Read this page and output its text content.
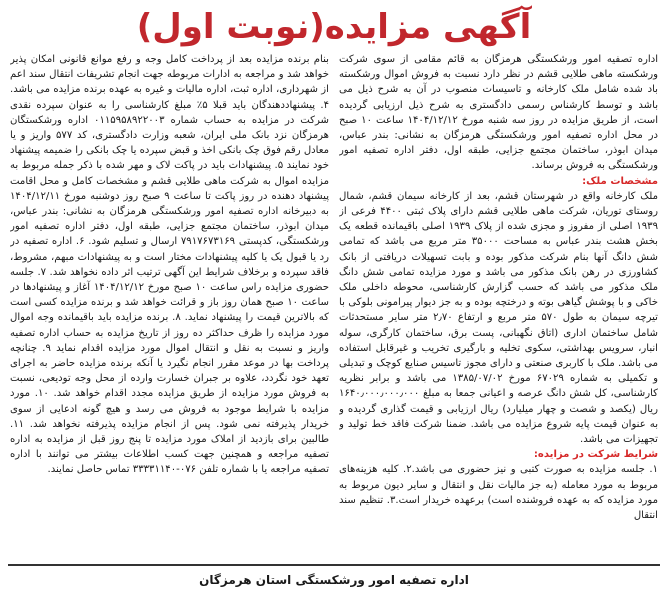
آگهی مزایده(نوبت اول)

اداره تصفیه امور ورشکستگی هرمزگان به قائم مقامی از سوی شرکت ورشکسته ماهی طلایی قشم در نظر دارد نسبت به فروش اموال ورشکسته باد شده شامل ملک کارخانه و تاسیسات منصوب در آن به شرح ذیل می باشد و توسط کارشناس رسمی دادگستری به شرح ذیل ارزیابی گردیده است، از طریق مزایده در روز سه شنبه مورخ ۱۴۰۴/۱۲/۱۲ ساعت ۱۰ صبح در محل اداره تصفیه امور ورشکستگی هرمزگان به نشانی: بندر عباس، میدان ابوذر، ساختمان مجتمع جزایی، طبقه اول، دفتر اداره تصفیه امور ورشکستگی به فروش برساند.

مشخصات ملک:

ملک کارخانه واقع در شهرستان قشم، بعد از کارخانه سیمان قشم، شمال روستای توریان، شرکت ماهی طلایی قشم دارای پلاک ثبتی ۴۴۰۰ فرعی از ۱۹۳۹ اصلی از مفروز و مجزی شده از پلاک ۱۹۳۹ اصلی باقیمانده قطعه یک بخش هشت بندر عباس به مساحت ۳۵۰۰۰ متر مربع می باشد که تمامی شش دانگ آنها بنام شرکت مذکور بوده و بابت تسهیلات دریافتی از بانک کشاورزی در رهن بانک مذکور می باشد و مورد مزایده تمامی شش دانگ ملک مذکور می باشد که حسب گزارش کارشناسی، محوطه داخلی ملک خاکی و با پوشش گیاهی بوته و درختچه بوده و به جز دیوار پیرامونی بلوکی با تیرچه سیمان به طول ۵۷۰ متر مربع و ارتفاع ۲٫۷۰ متر سایر مستحدثات شامل ساختمان اداری (اتاق نگهبانی، پست برق، ساختمان کارگری، سوله انبار، سرویس بهداشتی، سکوی تخلیه و بارگیری تخریب و غیرقابل استفاده می باشد. ملک با کاربری صنعتی و دارای مجوز تاسیس صنایع کوچک و تبدیلی و تکمیلی به شماره ۶۷۰۲۹ مورخ ۱۳۸۵/۰۷/۰۲ می باشد و برابر نظریه کارشناسی، کل شش دانگ عرصه و اعیانی جمعا به مبلغ ۱۶۴۰٫۰۰۰٫۰۰۰٫۰۰۰ ریال (یکصد و شصت و چهار میلیارد) ریال ارزیابی و قیمت گذاری گردیده و به عنوان قیمت پایه شروع مزایده می باشد. ضمنا شرکت فاقد خط تولید و تجهیزات می باشد.

شرایط شرکت در مزایده:

۱. جلسه مزایده به صورت کتبی و نیز حضوری می باشد.۲. کلیه هزینه‌های مربوط به مورد معامله (به جز مالیات نقل و انتقال و سایر دیون مربوط به مورد مزایده که به عهده فروشنده است) برعهده خریدار است.۳. تنظیم سند انتقال

بنام برنده مزایده بعد از پرداخت کامل وجه و رفع موانع قانونی امکان پذیر خواهد شد و مراجعه به ادارات مربوطه جهت انجام تشریفات انتقال سند اعم از شهرداری، اداره ثبت، اداره مالیات و غیره به عهده برنده مزایده می باشد. ۴. پیشنهاددهندگان باید قبلا ۵٪ مبلغ کارشناسی را به عنوان سپرده نقدی شرکت در مزایده به حساب شماره ۰۱۱۵۹۵۸۹۲۲۰۰۳ اداره ورشکستگان هرمزگان نزد بانک ملی ایران، شعبه وزارت دادگستری، کد ۵۷۷ واریز و یا معادل رقم فوق چک بانکی اخذ و قبض سپرده یا چک بانکی را ضمیمه پیشنهاد خود نمایند ۵. پیشنهادات باید در پاکت لاک و مهر شده با ذکر جمله مربوط به مزایده اموال به شرکت ماهی طلایی قشم و مشخصات کامل و محل اقامت پیشنهاد دهنده در روز پاکت تا ساعت ۹ صبح روز دوشنبه مورخ ۱۴۰۴/۱۲/۱۱ به دبیرخانه اداره تصفیه امور ورشکستگی هرمزگان به نشانی: بندر عباس، میدان ابوذر، ساختمان مجتمع جزایی، طبقه اول، دفتر اداره تصفیه امور ورشکستگی، کدپستی ۷۹۱۷۶۷۳۱۶۹ ارسال و تسلیم شود. ۶. اداره تصفیه در رد یا قبول یک یا کلیه پیشنهادات مختار است و به پیشنهادات مبهم، مشروط، فاقد سپرده و برخلاف شرایط این آگهی ترتیب اثر داده نخواهد شد. ۷. جلسه حضوری مزایده راس ساعت ۱۰ صبح مورخ ۱۴۰۴/۱۲/۱۲ آغاز و پیشنهادها در ساعت ۱۰ صبح همان روز باز و قرائت خواهد شد و برنده مزایده کسی است که بالاترین قیمت را پیشنهاد نماید. ۸. برنده مزایده باید باقیمانده وجه اموال مورد مزایده را ظرف حداکثر ده روز از تاریخ مزایده به حساب اداره تصفیه واریز و نسبت به نقل و انتقال اموال مورد مزایده اقدام نماید ۹. چنانچه پرداخت بها در موعد مقرر انجام نگیرد یا آنکه برنده مزایده حاضر به اجرای تعهد خود نگردد، علاوه بر جبران خسارت وارده از محل وجه تودیعی، نسبت به فروش مورد مزایده از طریق مزایده مجدد اقدام خواهد شد. ۱۰. مورد مزایده با شرایط موجود به فروش می رسد و هیچ گونه ادعایی از سوی خریدار پذیرفته نمی شود. پس از انجام مزایده پذیرفته نخواهد شد. ۱۱. طالبین برای بازدید از املاک مورد مزایده تا پنج روز قبل از مزایده به اداره تصفیه مراجعه و همچنین جهت کسب اطلاعات بیشتر می توانند با اداره تصفیه مراجعه یا با شماره تلفن ۰۷۶-۳۳۳۳۱۱۴۰ تماس حاصل نمایند.

اداره تصفیه امور ورشکستگی استان هرمزگان
